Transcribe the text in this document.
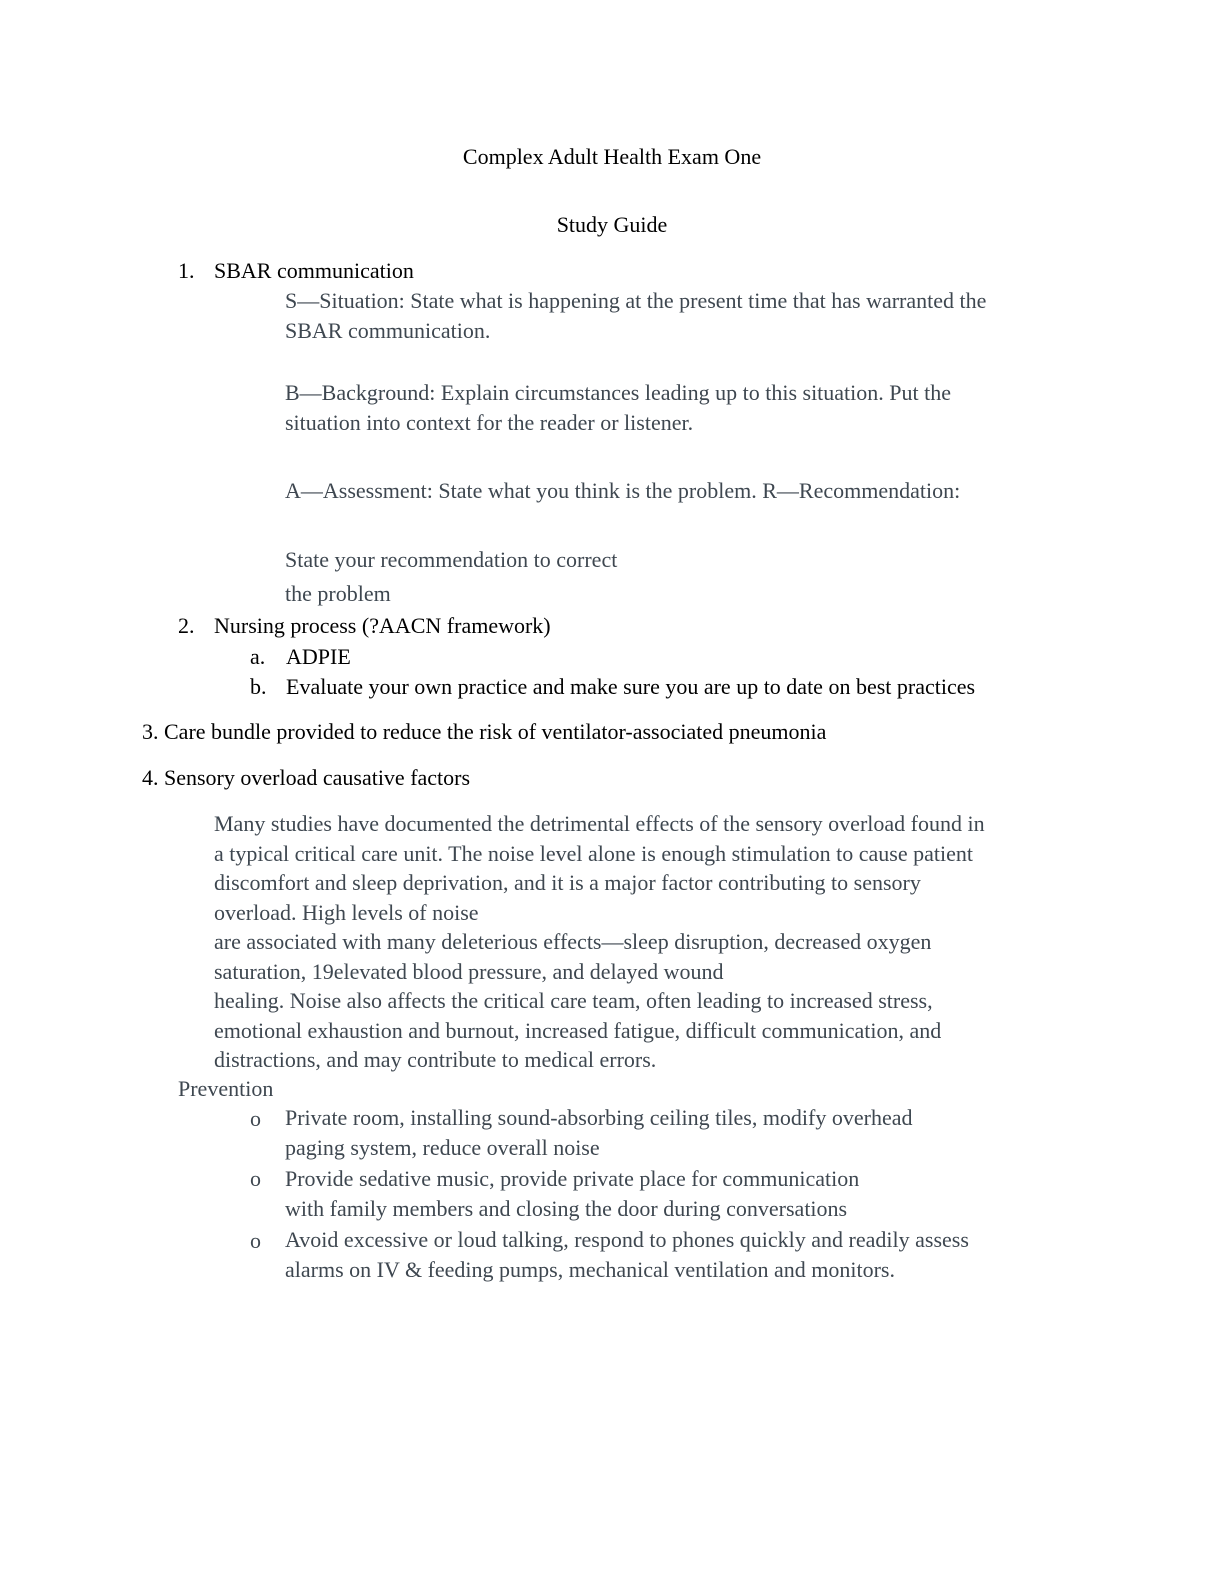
Complex Adult Health Exam One
Study Guide
1. SBAR communication
S—Situation: State what is happening at the present time that has warranted the
SBAR communication.
B—Background: Explain circumstances leading up to this situation. Put the
situation into context for the reader or listener.
A—Assessment: State what you think is the problem. R—Recommendation:
State your recommendation to correct
the problem
2. Nursing process (?AACN framework)
a. ADPIE
b. Evaluate your own practice and make sure you are up to date on best practices
3. Care bundle provided to reduce the risk of ventilator-associated pneumonia
4. Sensory overload causative factors
Many studies have documented the detrimental effects of the sensory overload found in
a typical critical care unit. The noise level alone is enough stimulation to cause patient
discomfort and sleep deprivation, and it is a major factor contributing to sensory
overload. High levels of noise
are associated with many deleterious effects—sleep disruption, decreased oxygen
saturation, 19elevated blood pressure, and delayed wound
healing. Noise also affects the critical care team, often leading to increased stress,
emotional exhaustion and burnout, increased fatigue, difficult communication, and
distractions, and may contribute to medical errors.
Prevention
o Private room, installing sound-absorbing ceiling tiles, modify overhead
paging system, reduce overall noise
o Provide sedative music, provide private place for communication
with family members and closing the door during conversations
o Avoid excessive or loud talking, respond to phones quickly and readily assess
alarms on IV & feeding pumps, mechanical ventilation and monitors.
